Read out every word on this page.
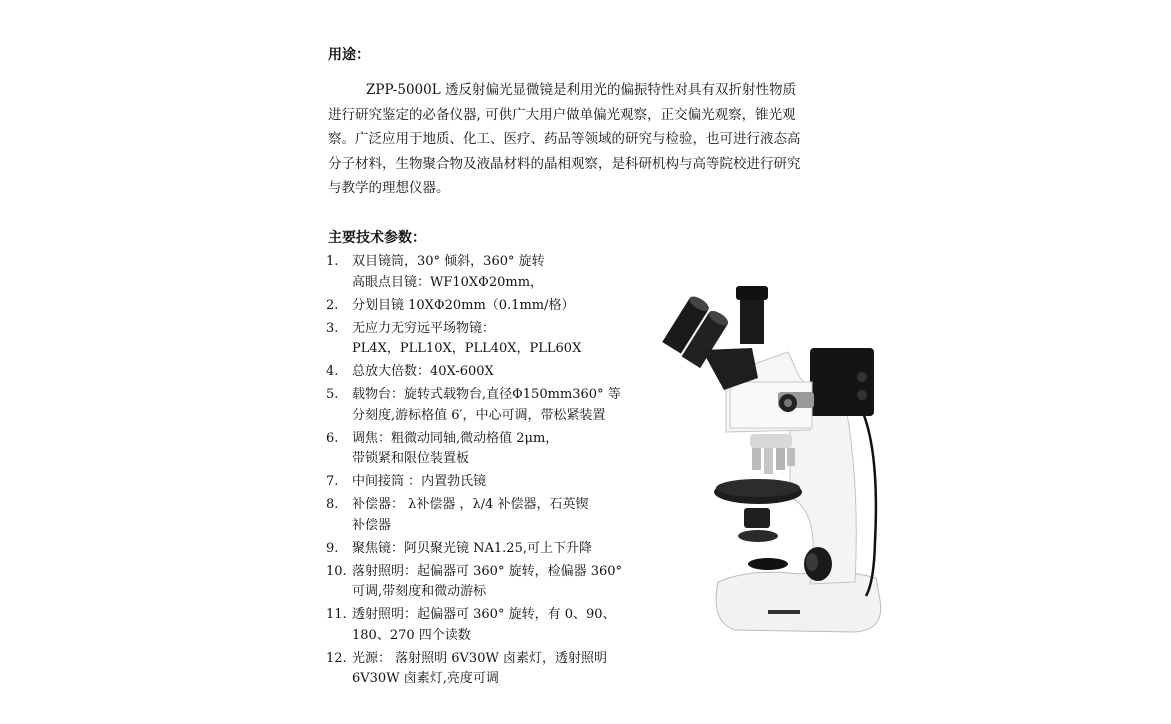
用途：
ZPP-5000L 透反射偏光显微镜是利用光的偏振特性对具有双折射性物质
进行研究鉴定的必备仪器, 可供广大用户做单偏光观察，正交偏光观察，锥光观
察。广泛应用于地质、化工、医疗、药品等领域的研究与检验，也可进行液态高
分子材料，生物聚合物及液晶材料的晶相观察，是科研机构与高等院校进行研究
与教学的理想仪器。
主要技术参数：
1.	双目镜筒，30° 倾斜，360° 旋转
高眼点目镜：WF10XΦ20mm，
2.	分划目镜 10XΦ20mm（0.1mm/格）
3.	无应力无穷远平场物镜：
PL4X，PLL10X，PLL40X，PLL60X
4.	总放大倍数：40X-600X
5.	载物台：旋转式载物台,直径Φ150mm360° 等
分刻度,游标格值 6′，中心可调，带松紧装置
6.	调焦：粗微动同轴,微动格值 2μm，
带锁紧和限位装置板
7.	中间接筒 ：内置勃氏镜
8.	补偿器： λ补偿器 ，λ/4 补偿器，石英锲
补偿器
9.	聚焦镜：阿贝聚光镜 NA1.25,可上下升降
10. 落射照明：起偏器可 360° 旋转，检偏器 360°
可调,带刻度和微动游标
11. 透射照明：起偏器可 360° 旋转，有 0、90、
180、270 四个读数
12. 光源： 落射照明 6V30W 卤素灯，透射照明
6V30W 卤素灯,亮度可调
